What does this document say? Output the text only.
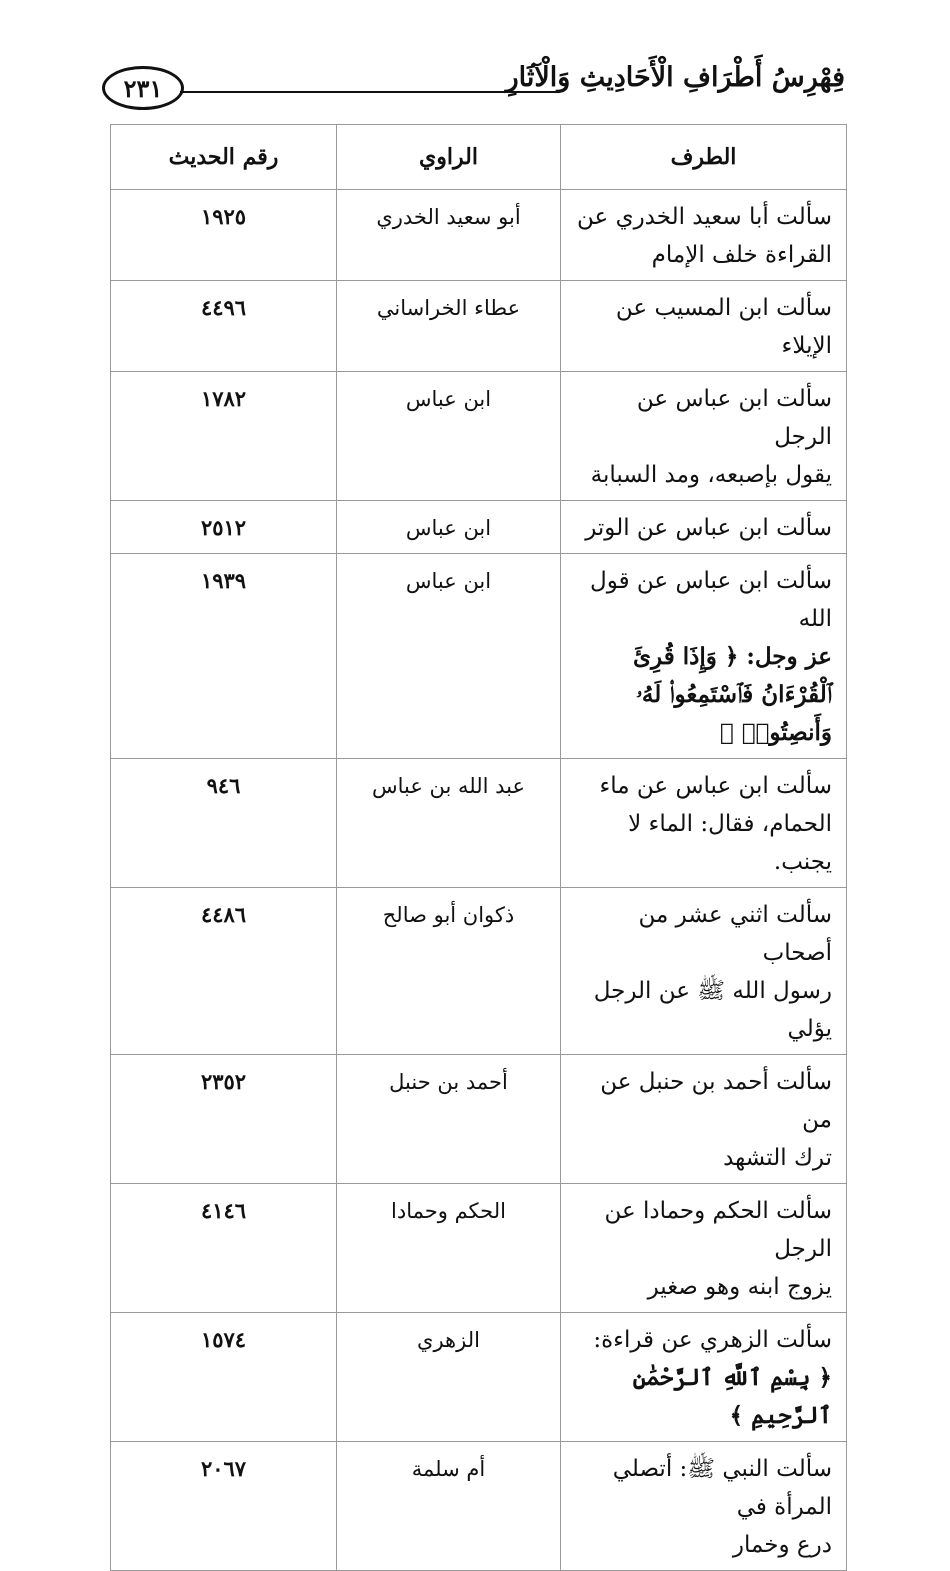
فِهْرِسُ أَطْرَافِ الْأَحَادِيثِ وَالْآثَارِ
٢٣١
الطرف	الراوي	رقم الحديث

سألت أبا سعيد الخدري عن
القراءة خلف الإمام	أبو سعيد الخدري	١٩٢٥

سألت ابن المسيب عن الإيلاء	عطاء الخراساني	٤٤٩٦

سألت ابن عباس عن الرجل
يقول بإصبعه، ومد السبابة	ابن عباس	١٧٨٢

سألت ابن عباس عن الوتر	ابن عباس	٢٥١٢

سألت ابن عباس عن قول الله
عز وجل: ﴿ وَإِذَا قُرِئَ
ٱلْقُرْءَانُ فَٱسْتَمِعُوا۟ لَهُۥ
وَأَنصِتُوا۟ ﴾	ابن عباس	١٩٣٩

سألت ابن عباس عن ماء
الحمام، فقال: الماء لا يجنب.	عبد الله بن عباس	٩٤٦

سألت اثني عشر من أصحاب
رسول الله ﷺ عن الرجل يؤلي	ذكوان أبو صالح	٤٤٨٦

سألت أحمد بن حنبل عن من
ترك التشهد	أحمد بن حنبل	٢٣٥٢

سألت الحكم وحمادا عن الرجل
يزوج ابنه وهو صغير	الحكم وحمادا	٤١٤٦

سألت الزهري عن قراءة:
﴿ بِسْمِ ٱللَّهِ ٱلرَّحْمَٰنِ ٱلرَّحِيمِ ﴾	الزهري	١٥٧٤

سألت النبي ﷺ: أتصلي المرأة في
درع وخمار	أم سلمة	٢٠٦٧
